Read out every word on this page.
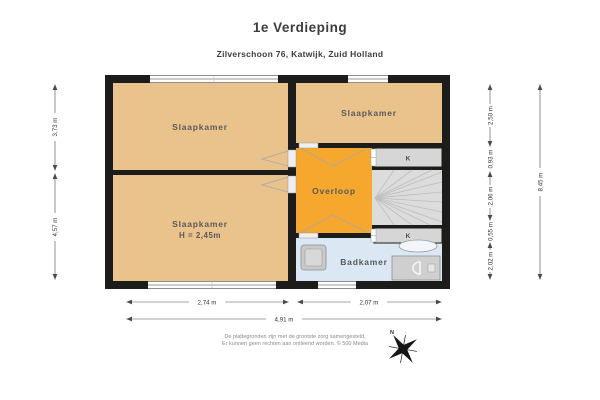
1e Verdieping
Zilverschoon 76, Katwijk, Zuid Holland
Slaapkamer
Slaapkamer
H = 2,45m
Slaapkamer
Overloop
Badkamer
K
K
3,73 m
4,57 m
2,50 m
0,93 m
2,06 m
0,55 m
2,02 m
8,45 m
2,74 m	2,07 m
4,91 m
N
De plattegronden zijn met de grootste zorg samengesteld,
Er kunnen geen rechten aan ontleend worden. © 500 Media
